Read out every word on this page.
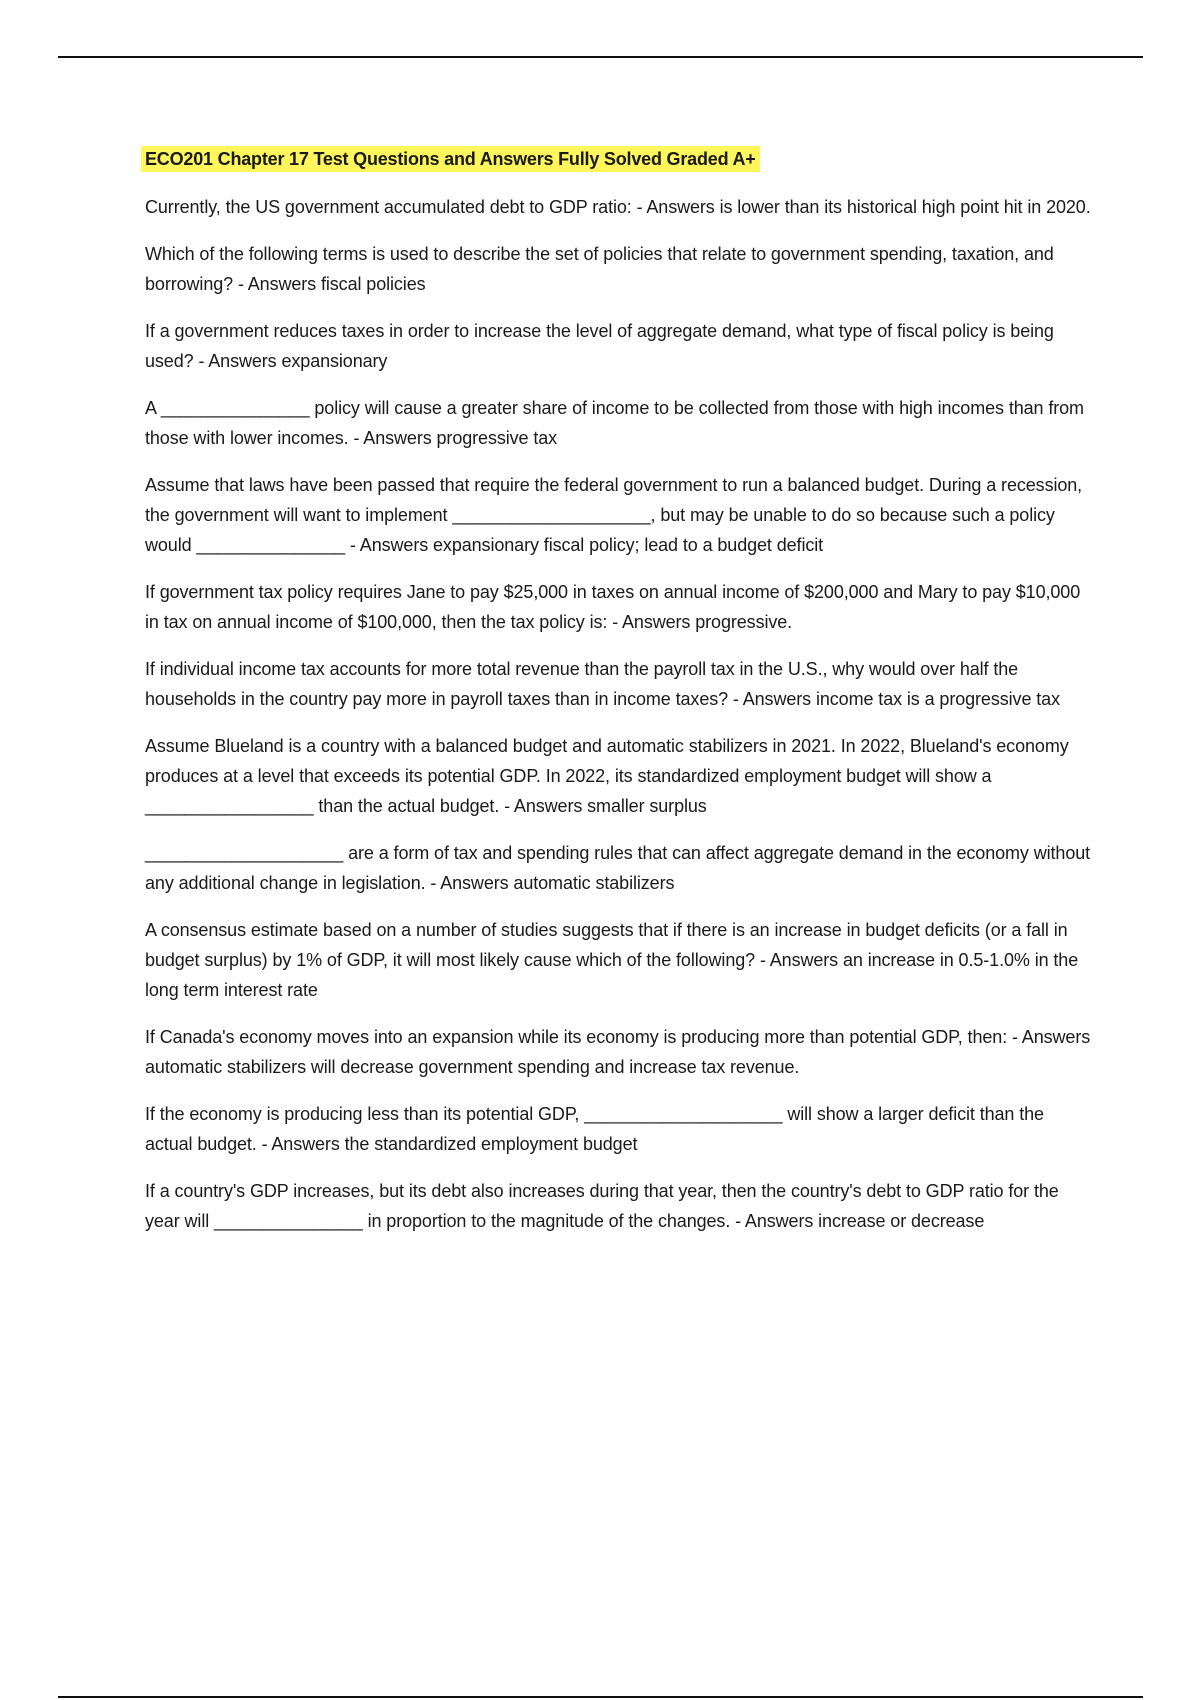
ECO201 Chapter 17 Test Questions and Answers Fully Solved Graded A+

Currently, the US government accumulated debt to GDP ratio: - Answers is lower than its historical high point hit in 2020.

Which of the following terms is used to describe the set of policies that relate to government spending, taxation, and borrowing? - Answers fiscal policies

If a government reduces taxes in order to increase the level of aggregate demand, what type of fiscal policy is being used? - Answers expansionary

A _______________ policy will cause a greater share of income to be collected from those with high incomes than from those with lower incomes. - Answers progressive tax

Assume that laws have been passed that require the federal government to run a balanced budget. During a recession, the government will want to implement ____________________, but may be unable to do so because such a policy would _______________ - Answers expansionary fiscal policy; lead to a budget deficit

If government tax policy requires Jane to pay $25,000 in taxes on annual income of $200,000 and Mary to pay $10,000 in tax on annual income of $100,000, then the tax policy is: - Answers progressive.

If individual income tax accounts for more total revenue than the payroll tax in the U.S., why would over half the households in the country pay more in payroll taxes than in income taxes? - Answers income tax is a progressive tax

Assume Blueland is a country with a balanced budget and automatic stabilizers in 2021. In 2022, Blueland's economy produces at a level that exceeds its potential GDP. In 2022, its standardized employment budget will show a _________________ than the actual budget. - Answers smaller surplus

____________________ are a form of tax and spending rules that can affect aggregate demand in the economy without any additional change in legislation. - Answers automatic stabilizers

A consensus estimate based on a number of studies suggests that if there is an increase in budget deficits (or a fall in budget surplus) by 1% of GDP, it will most likely cause which of the following? - Answers an increase in 0.5-1.0% in the long term interest rate

If Canada's economy moves into an expansion while its economy is producing more than potential GDP, then: - Answers automatic stabilizers will decrease government spending and increase tax revenue.

If the economy is producing less than its potential GDP, ____________________ will show a larger deficit than the actual budget. - Answers the standardized employment budget

If a country's GDP increases, but its debt also increases during that year, then the country's debt to GDP ratio for the year will _______________ in proportion to the magnitude of the changes. - Answers increase or decrease
